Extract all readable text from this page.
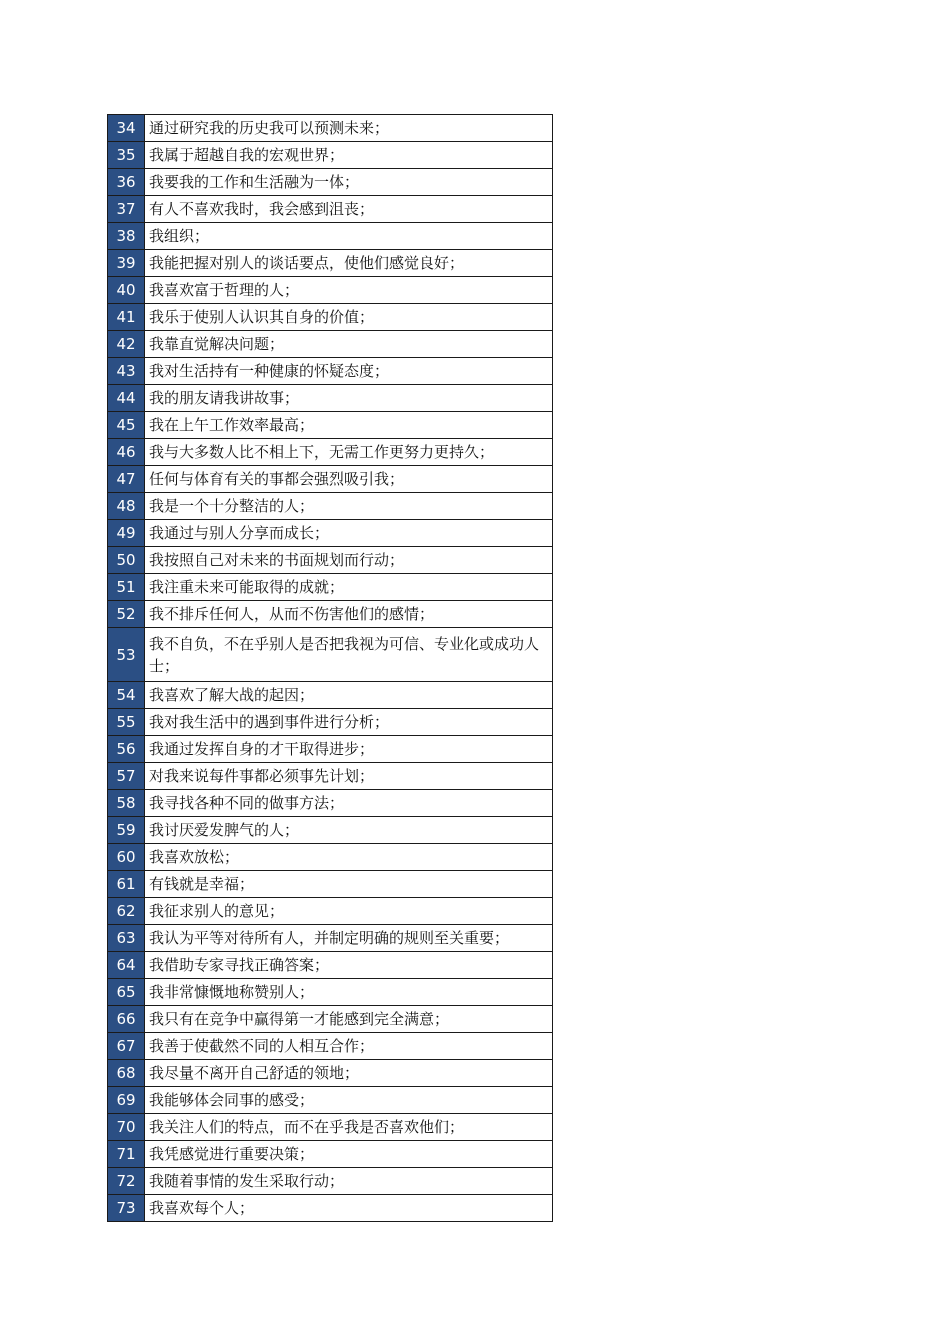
34	通过研究我的历史我可以预测未来；
35	我属于超越自我的宏观世界；
36	我要我的工作和生活融为一体；
37	有人不喜欢我时，我会感到沮丧；
38	我组织；
39	我能把握对别人的谈话要点，使他们感觉良好；
40	我喜欢富于哲理的人；
41	我乐于使别人认识其自身的价值；
42	我靠直觉解决问题；
43	我对生活持有一种健康的怀疑态度；
44	我的朋友请我讲故事；
45	我在上午工作效率最高；
46	我与大多数人比不相上下，无需工作更努力更持久；
47	任何与体育有关的事都会强烈吸引我；
48	我是一个十分整洁的人；
49	我通过与别人分享而成长；
50	我按照自己对未来的书面规划而行动；
51	我注重未来可能取得的成就；
52	我不排斥任何人，从而不伤害他们的感情；
53	我不自负，不在乎别人是否把我视为可信、专业化或成功人士；
54	我喜欢了解大战的起因；
55	我对我生活中的遇到事件进行分析；
56	我通过发挥自身的才干取得进步；
57	对我来说每件事都必须事先计划；
58	我寻找各种不同的做事方法；
59	我讨厌爱发脾气的人；
60	我喜欢放松；
61	有钱就是幸福；
62	我征求别人的意见；
63	我认为平等对待所有人，并制定明确的规则至关重要；
64	我借助专家寻找正确答案；
65	我非常慷慨地称赞别人；
66	我只有在竞争中赢得第一才能感到完全满意；
67	我善于使截然不同的人相互合作；
68	我尽量不离开自己舒适的领地；
69	我能够体会同事的感受；
70	我关注人们的特点，而不在乎我是否喜欢他们；
71	我凭感觉进行重要决策；
72	我随着事情的发生采取行动；
73	我喜欢每个人；
